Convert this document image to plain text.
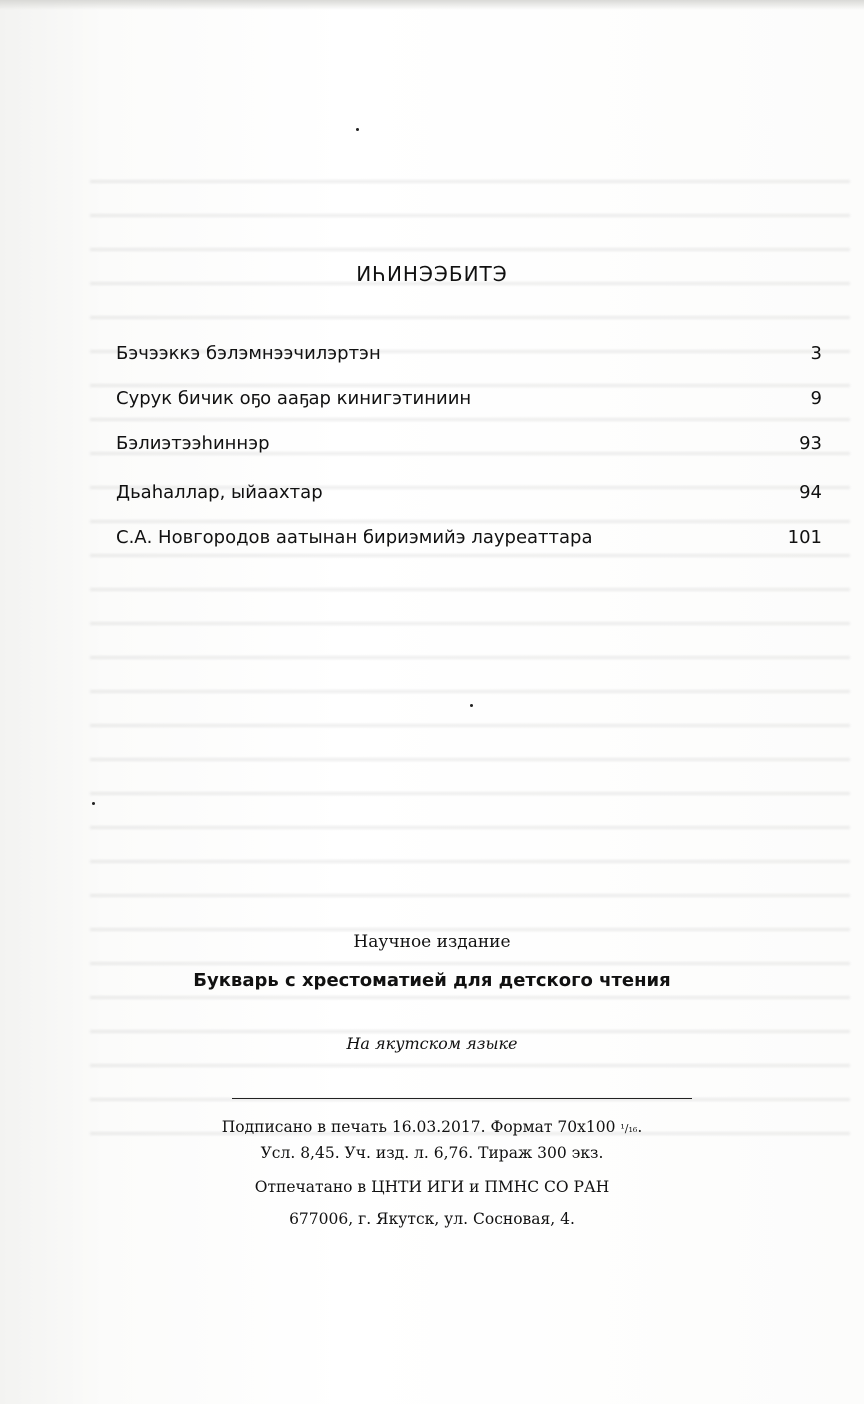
ИҺИНЭЭБИТЭ
Бэчээккэ бэлэмнээчилэртэн	3
Сурук бичик оҕо ааҕар кинигэтиниин	9
Бэлиэтээһиннэр	93
Дьаһаллар, ыйаахтар	94
С.А. Новгородов аатынан бириэмийэ лауреаттара	101
Научное издание
Букварь с хрестоматией для детского чтения
На якутском языке
Подписано в печать 16.03.2017. Формат 70х100 ¹/₁₆.
Усл. 8,45. Уч. изд. л. 6,76. Тираж 300 экз.
Отпечатано в ЦНТИ ИГИ и ПМНС СО РАН
677006, г. Якутск, ул. Сосновая, 4.
